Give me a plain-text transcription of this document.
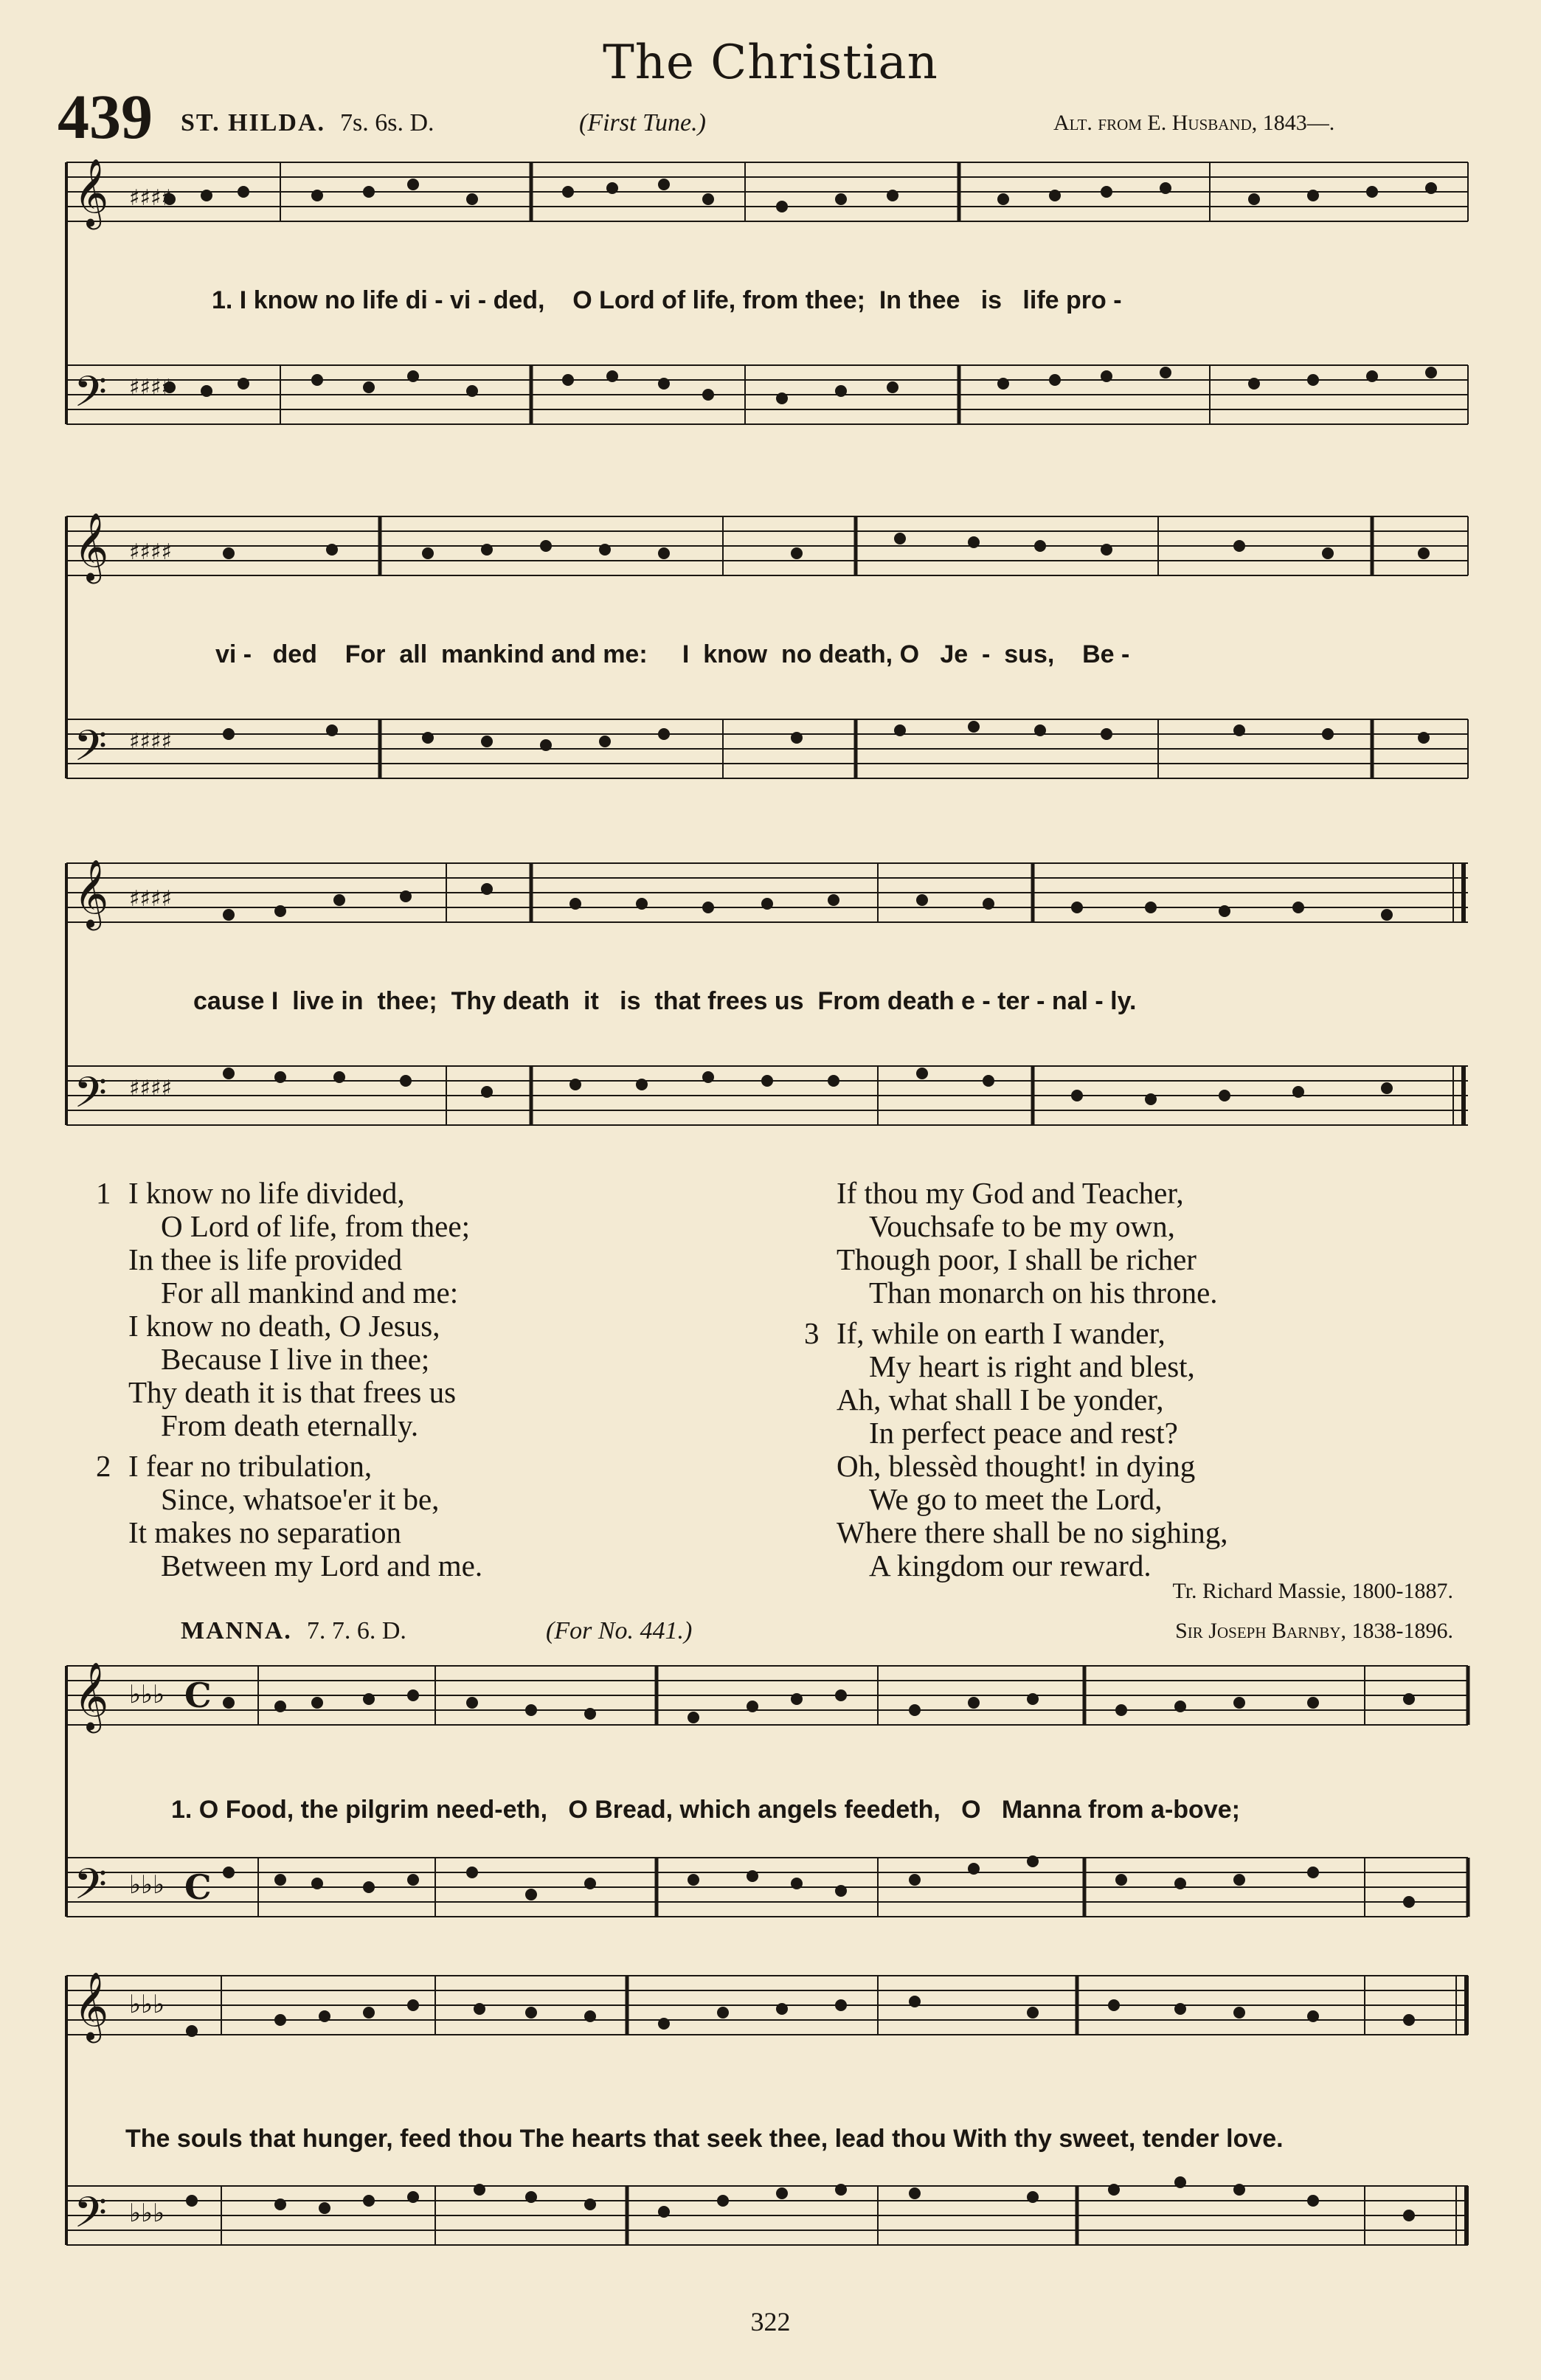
The Christian
439 ST. HILDA. 7s. 6s. D.	(First Tune.)	Alt. from E. Husband, 1843—.
𝄞
𝄢
♯♯♯♯
♯♯♯♯
1. I know no life di - vi - ded,    O Lord of life, from thee;  In thee   is   life pro -
𝄞
𝄢
♯♯♯♯
♯♯♯♯
vi -   ded    For  all  mankind and me:     I  know  no death, O   Je  -  sus,    Be -
𝄞
𝄢
♯♯♯♯
♯♯♯♯
cause I  live in  thee;  Thy death  it   is  that frees us  From death e - ter - nal - ly.
1 I know no life divided,
O Lord of life, from thee;
In thee is life provided
For all mankind and me:
I know no death, O Jesus,
Because I live in thee;
Thy death it is that frees us
From death eternally.
2 I fear no tribulation,
Since, whatsoe'er it be,
It makes no separation
Between my Lord and me.
If thou my God and Teacher,
Vouchsafe to be my own,
Though poor, I shall be richer
Than monarch on his throne.
3 If, while on earth I wander,
My heart is right and blest,
Ah, what shall I be yonder,
In perfect peace and rest?
Oh, blessèd thought! in dying
We go to meet the Lord,
Where there shall be no sighing,
A kingdom our reward.
Tr. Richard Massie, 1800-1887.
MANNA. 7. 7. 6. D.	(For No. 441.)	Sir Joseph Barnby, 1838-1896.
𝄞
𝄢
♭♭♭
♭♭♭
C
C
1. O Food, the pilgrim need-eth,   O Bread, which angels feedeth,   O   Manna from a-bove;
𝄞
𝄢
♭♭♭
♭♭♭
The souls that hunger, feed thou The hearts that seek thee, lead thou With thy sweet, tender love.
322
